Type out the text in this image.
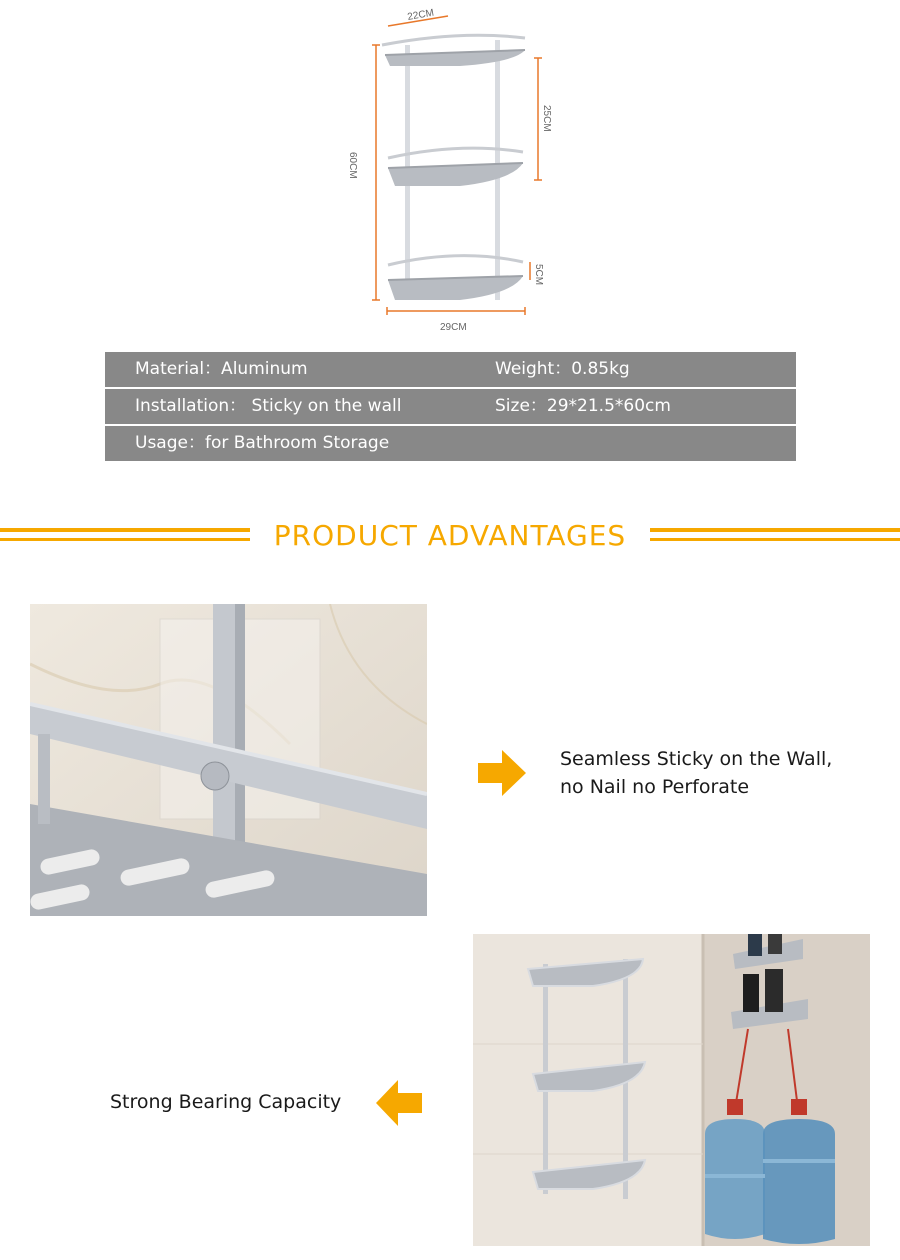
22CM
60CM
25CM
5CM
29CM
Material：Aluminum	Weight：0.85kg
Installation： Sticky on the wall	Size：29*21.5*60cm
Usage：for Bathroom Storage
PRODUCT ADVANTAGES
Seamless Sticky on the Wall,
no Nail no Perforate
Strong Bearing Capacity
